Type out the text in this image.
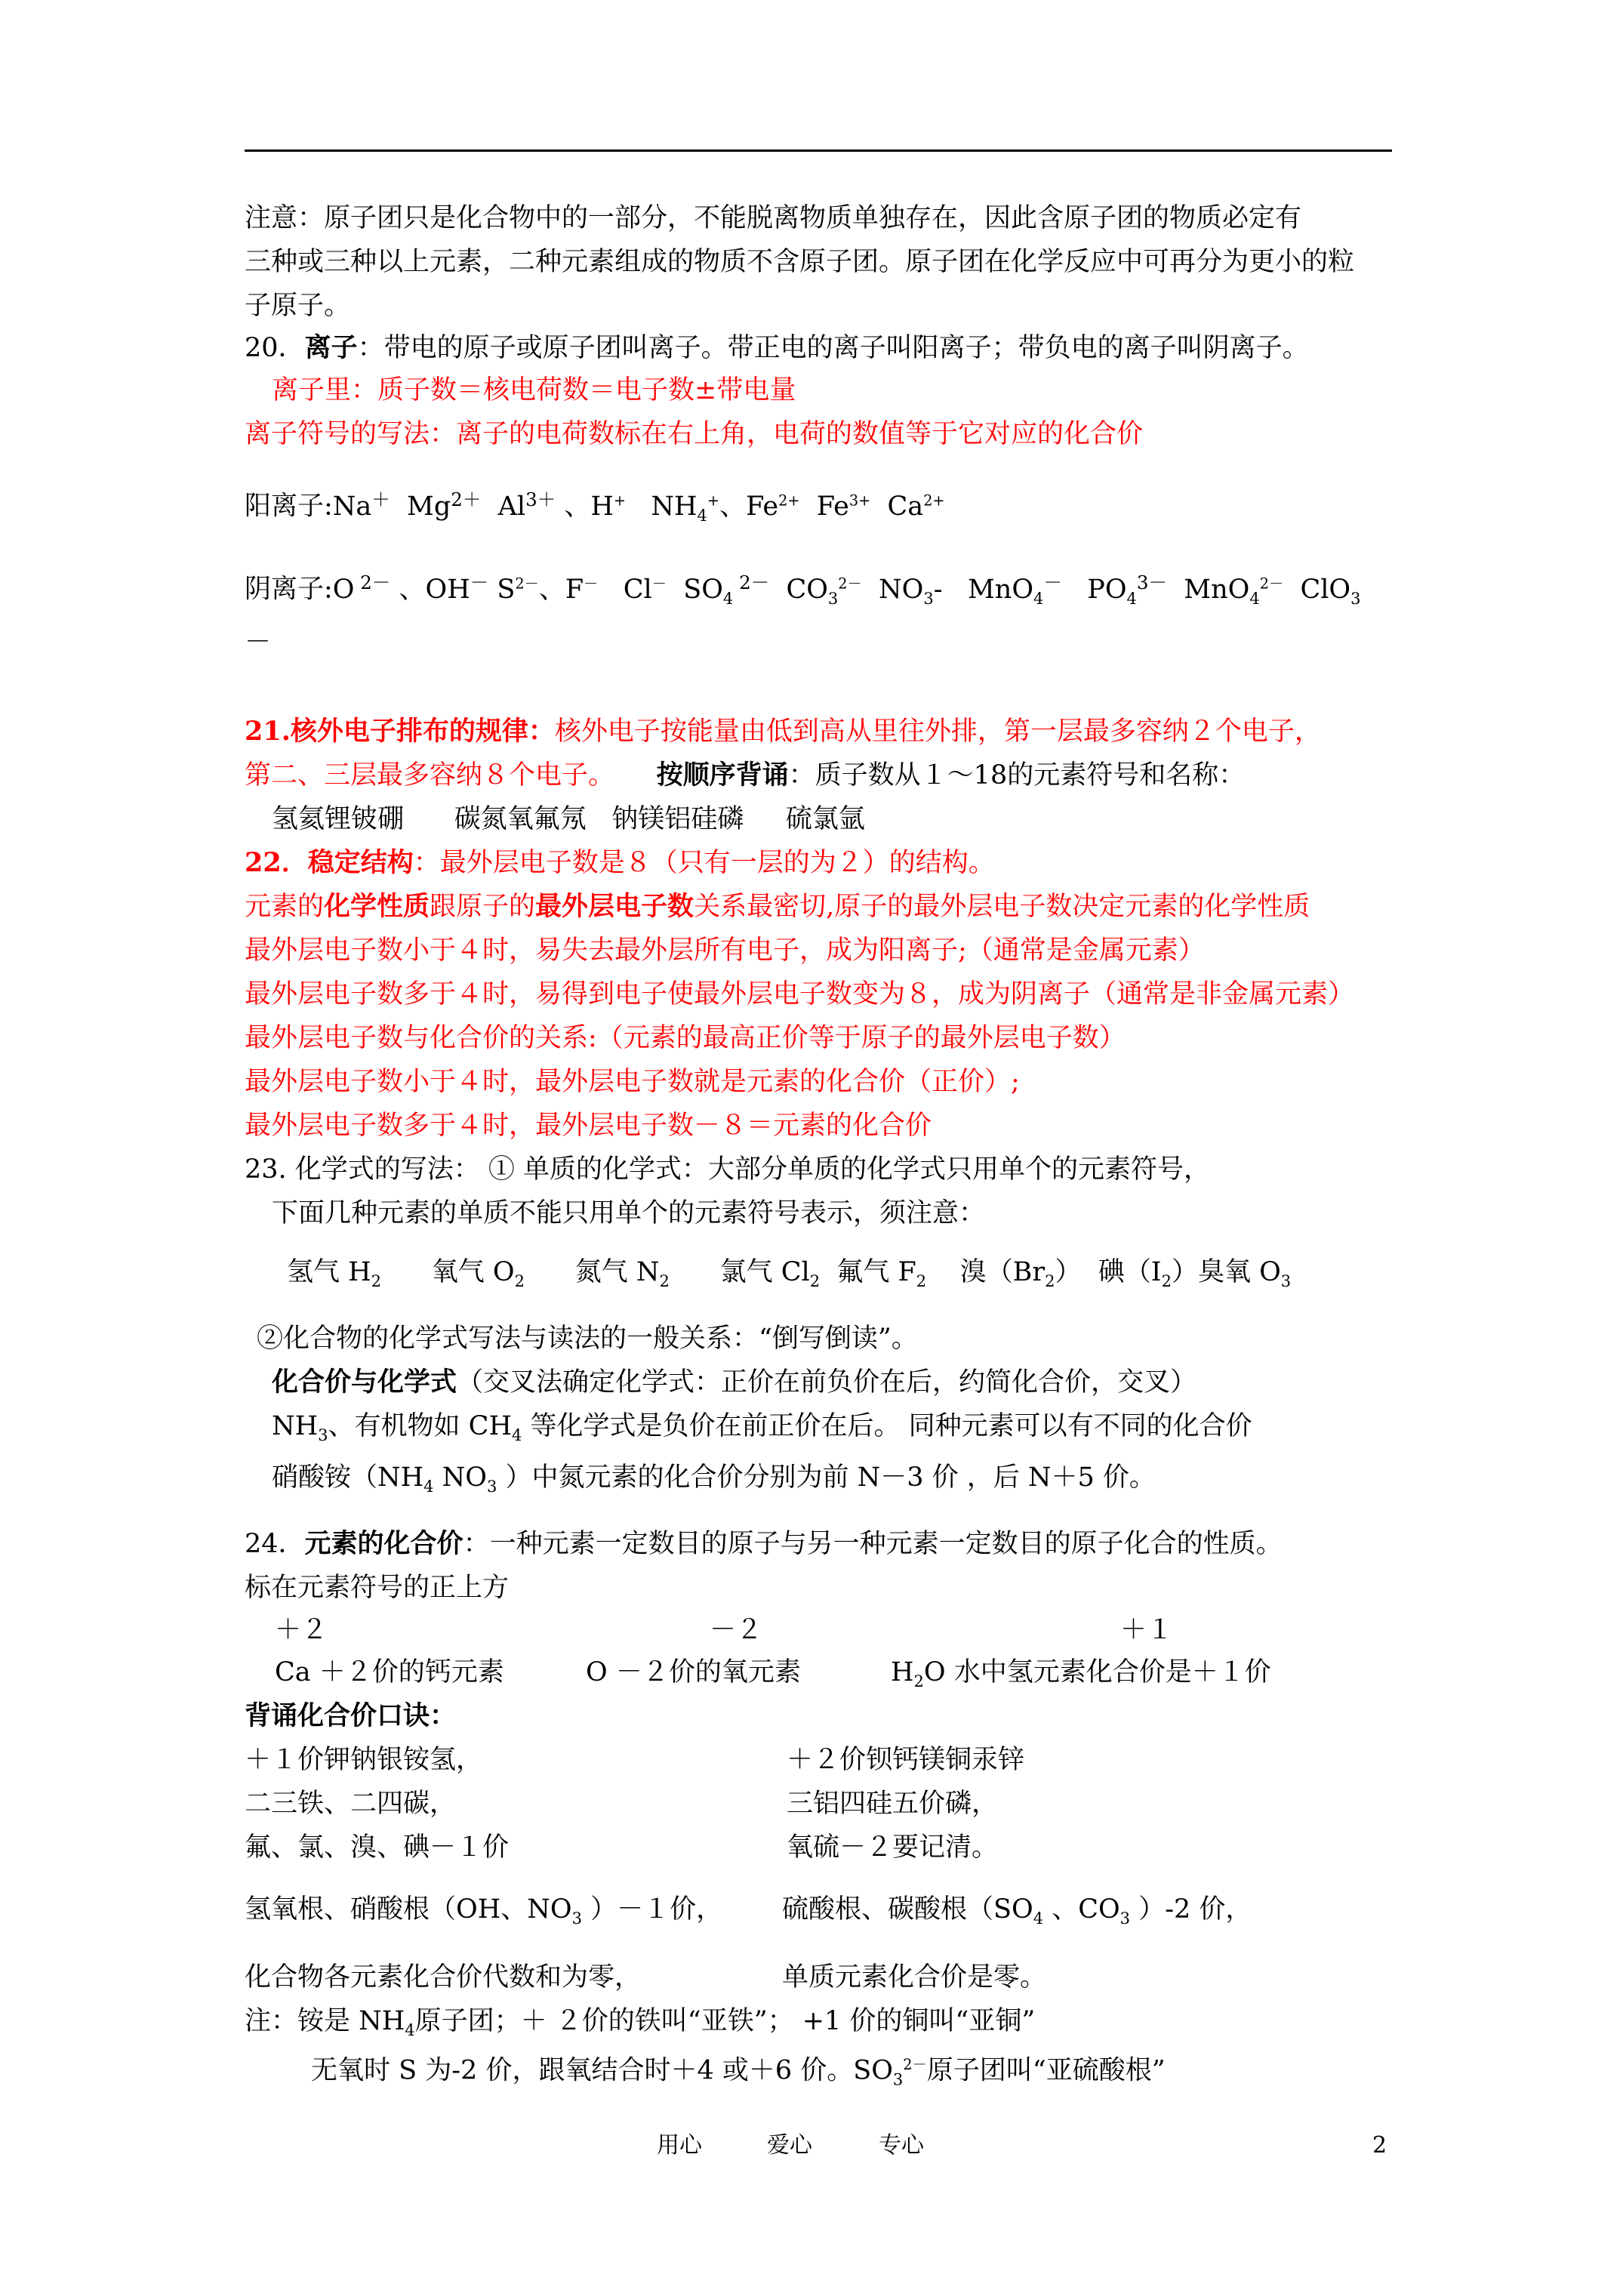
注意：原子团只是化合物中的一部分，不能脱离物质单独存在，因此含原子团的物质必定有
三种或三种以上元素，二种元素组成的物质不含原子团。原子团在化学反应中可再分为更小的粒
子原子。
20．离子：带电的原子或原子团叫离子。带正电的离子叫阳离子；带负电的离子叫阴离子。
离子里：质子数＝核电荷数＝电子数±带电量
离子符号的写法：离子的电荷数标在右上角，电荷的数值等于它对应的化合价
阳离子:Na＋  $Mg^{2+}$  $Al^{3+}$ 、H+   $NH_4^+$、$Fe^{2+}$  $Fe^{3+}$  $Ca^{2+}$
阴离子:O $^{2-}$ 、OH－ $S^{2-}$、F－   Cl－  $SO_4$ $^{2-}$  $CO_3^{2-}$  $NO_3-$   MnO$_4$－   $PO_4^{3-}$  MnO$_4^{2-}$  ClO$_3$
－
21.核外电子排布的规律：核外电子按能量由低到高从里往外排，第一层最多容纳２个电子，
第二、三层最多容纳８个电子。 按顺序背诵：质子数从１～18的元素符号和名称：
氢氦锂铍硼 碳氮氧氟氖 钠镁铝硅磷 硫氯氩
22．稳定结构：最外层电子数是８（只有一层的为２）的结构。
元素的化学性质跟原子的最外层电子数关系最密切,原子的最外层电子数决定元素的化学性质
最外层电子数小于４时，易失去最外层所有电子，成为阳离子;（通常是金属元素）
最外层电子数多于４时，易得到电子使最外层电子数变为８，成为阴离子（通常是非金属元素）
最外层电子数与化合价的关系:（元素的最高正价等于原子的最外层电子数）
最外层电子数小于４时，最外层电子数就是元素的化合价（正价）;
最外层电子数多于４时，最外层电子数－８＝元素的化合价
23. 化学式的写法： ① 单质的化学式：大部分单质的化学式只用单个的元素符号，
下面几种元素的单质不能只用单个的元素符号表示，须注意：
氢气 $H_2$      氧气 $O_2$      氮气 $N_2$      氯气 $Cl_2$  氟气 $F_2$    溴$(Br_2)$  碘$(I_2)$臭氧 $O_3$
②化合物的化学式写法与读法的一般关系：“倒写倒读”。
化合价与化学式（交叉法确定化学式：正价在前负价在后，约简化合价，交叉）
$NH_3$、有机物如 $CH_4$ 等化学式是负价在前正价在后。 同种元素可以有不同的化合价
硝酸铵（$NH_4$ $NO_3$ ）中氮元素的化合价分别为前 N－3 价 ，后 N＋5 价。
24．元素的化合价：一种元素一定数目的原子与另一种元素一定数目的原子化合的性质。
标在元素符号的正上方
＋２	－２	＋１
Ca ＋２价的钙元素	O －２价的氧元素	$H_2O$ 水中氢元素化合价是＋１价
背诵化合价口诀：
＋１价钾钠银铵氢，	＋２价钡钙镁铜汞锌
二三铁、二四碳，	三铝四硅五价磷，
氟、氯、溴、碘－１价	氧硫－２要记清。
氢氧根、硝酸根（OH、$NO_3$ ）－１价， 硫酸根、碳酸根（$SO_4$ 、$CO_3$ ）-2 价，
化合物各元素化合价代数和为零，	单质元素化合价是零。
注：铵是 $NH_4$原子团；＋ ２价的铁叫“亚铁”； +1 价的铜叫“亚铜”
无氧时 S 为-2 价，跟氧结合时＋4 或＋6 价。$SO_3^{2-}$原子团叫“亚硫酸根”
用心	爱心	专心	2
